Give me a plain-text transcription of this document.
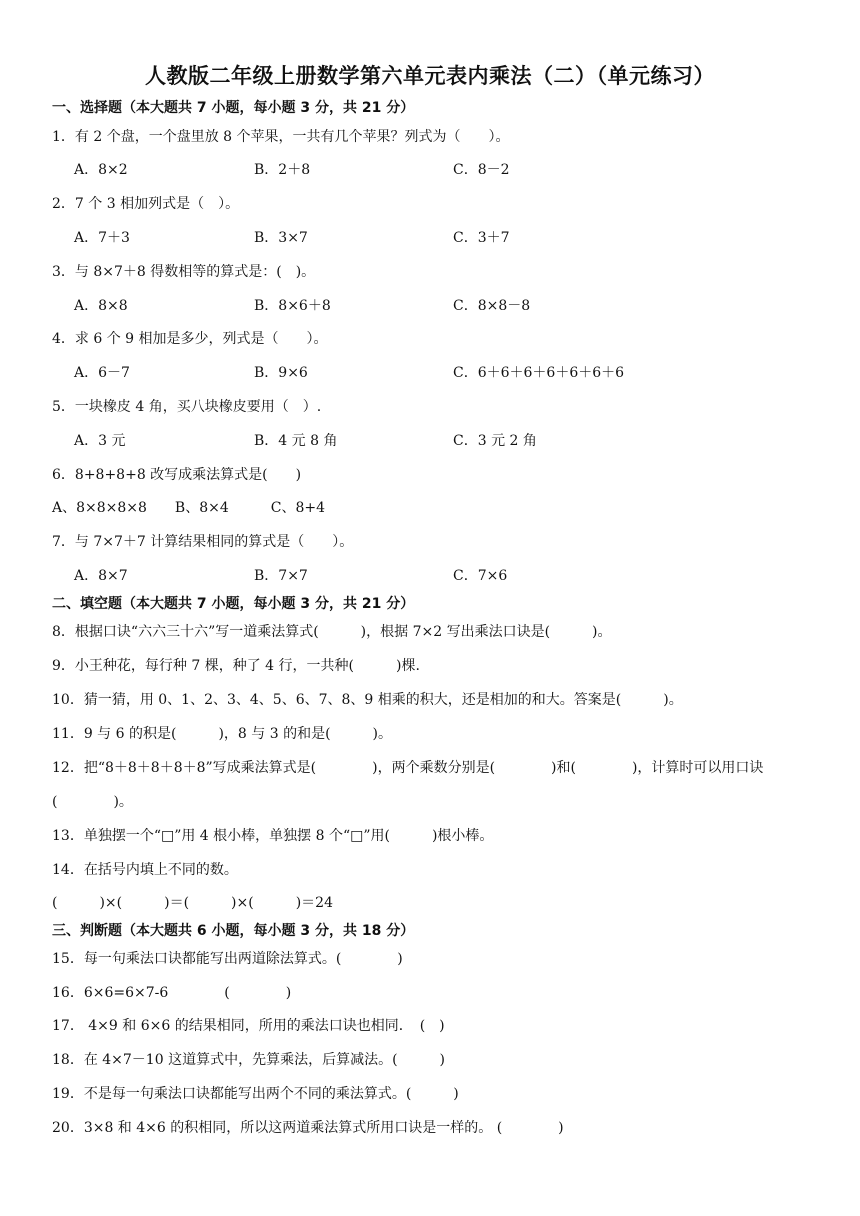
人教版二年级上册数学第六单元表内乘法（二）（单元练习）
一、选择题（本大题共 7 小题，每小题 3 分，共 21 分）
1．有 2 个盘，一个盘里放 8 个苹果，一共有几个苹果？列式为（　　）。
A．8×2	B．2＋8	C．8－2
2．7 个 3 相加列式是（　）。
A．7＋3	B．3×7	C．3＋7
3．与 8×7＋8 得数相等的算式是：(　)。
A．8×8	B．8×6＋8	C．8×8－8
4．求 6 个 9 相加是多少，列式是（　　）。
A．6－7	B．9×6	C．6＋6＋6＋6＋6＋6＋6
5．一块橡皮 4 角，买八块橡皮要用（　）.
A．3 元	B．4 元 8 角	C．3 元 2 角
6．8+8+8+8 改写成乘法算式是(　　)
A、8×8×8×8　　B、8×4　　　C、8+4
7．与 7×7＋7 计算结果相同的算式是（　　）。
A．8×7	B．7×7	C．7×6
二、填空题（本大题共 7 小题，每小题 3 分，共 21 分）
8．根据口诀“六六三十六”写一道乘法算式(　　　)，根据 7×2 写出乘法口诀是(　　　)。
9．小王种花，每行种 7 棵，种了 4 行，一共种(　　　)棵.
10．猜一猜，用 0、1、2、3、4、5、6、7、8、9 相乘的积大，还是相加的和大。答案是(　　　)。
11．9 与 6 的积是(　　　)，8 与 3 的和是(　　　)。
12．把“8＋8＋8＋8＋8”写成乘法算式是(　　　　)，两个乘数分别是(　　　　)和(　　　　)，计算时可以用口诀
(　　　　)。
13．单独摆一个“□”用 4 根小棒，单独摆 8 个“□”用(　　　)根小棒。
14．在括号内填上不同的数。
(　　　)×(　　　)＝(　　　)×(　　　)＝24
三、判断题（本大题共 6 小题，每小题 3 分，共 18 分）
15．每一句乘法口诀都能写出两道除法算式。(　　　　)
16．6×6=6×7-6　　　　(　　　　)
17． 4×9 和 6×6 的结果相同，所用的乘法口诀也相同．　(　)
18．在 4×7－10 这道算式中，先算乘法，后算减法。(　　　)
19．不是每一句乘法口诀都能写出两个不同的乘法算式。(　　　)
20．3×8 和 4×6 的积相同，所以这两道乘法算式所用口诀是一样的。 (　　　　)
